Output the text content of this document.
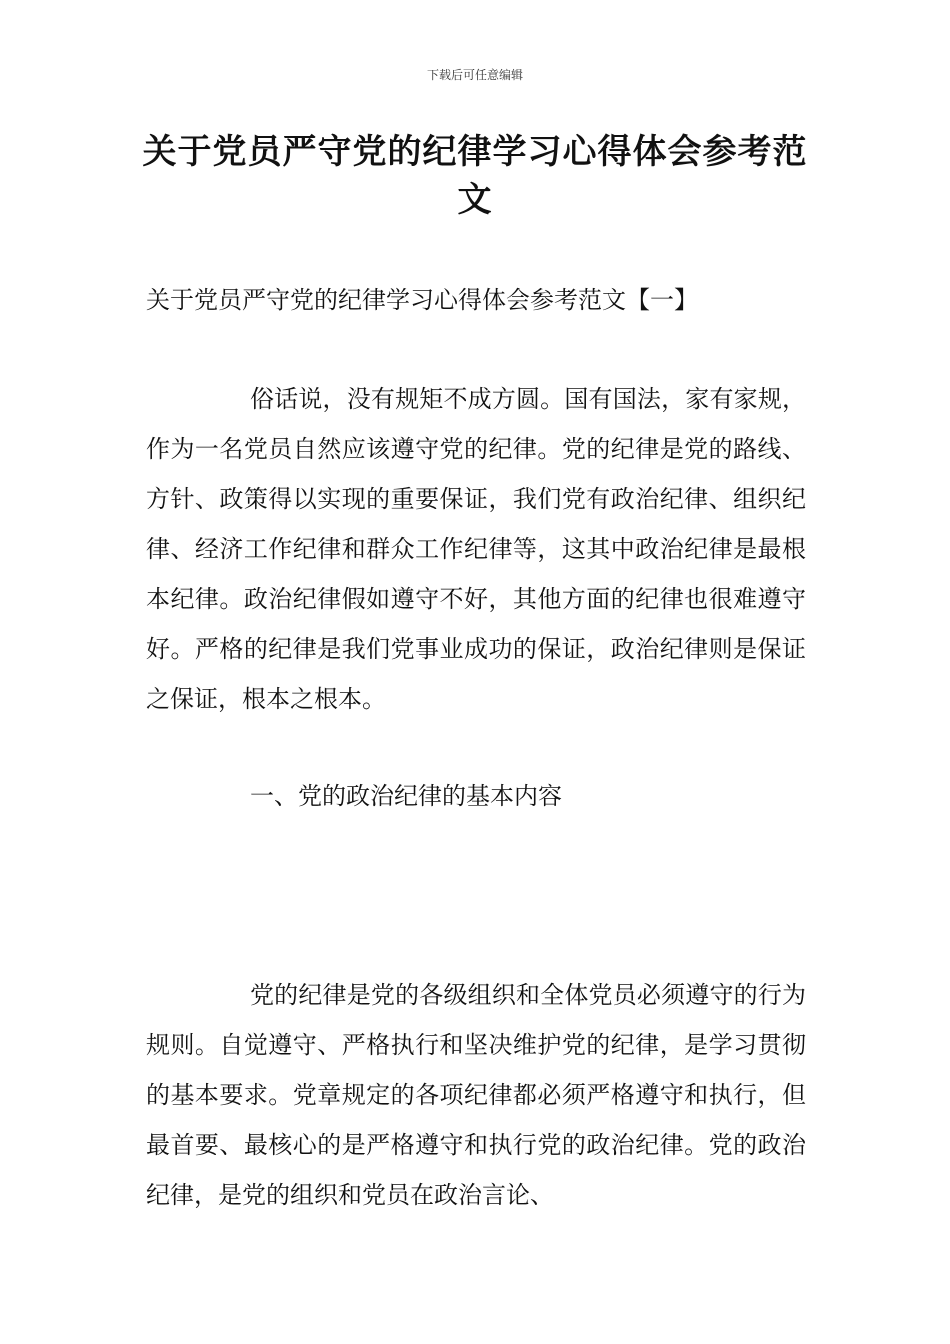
下载后可任意编辑
关于党员严守党的纪律学习心得体会参考范文
关于党员严守党的纪律学习心得体会参考范文【一】

俗话说，没有规矩不成方圆。国有国法，家有家规，作为一名党员自然应该遵守党的纪律。党的纪律是党的路线、方针、政策得以实现的重要保证，我们党有政治纪律、组织纪律、经济工作纪律和群众工作纪律等，这其中政治纪律是最根本纪律。政治纪律假如遵守不好，其他方面的纪律也很难遵守好。严格的纪律是我们党事业成功的保证，政治纪律则是保证之保证，根本之根本。

一、党的政治纪律的基本内容

党的纪律是党的各级组织和全体党员必须遵守的行为规则。自觉遵守、严格执行和坚决维护党的纪律，是学习贯彻的基本要求。党章规定的各项纪律都必须严格遵守和执行，但最首要、最核心的是严格遵守和执行党的政治纪律。党的政治纪律，是党的组织和党员在政治言论、
